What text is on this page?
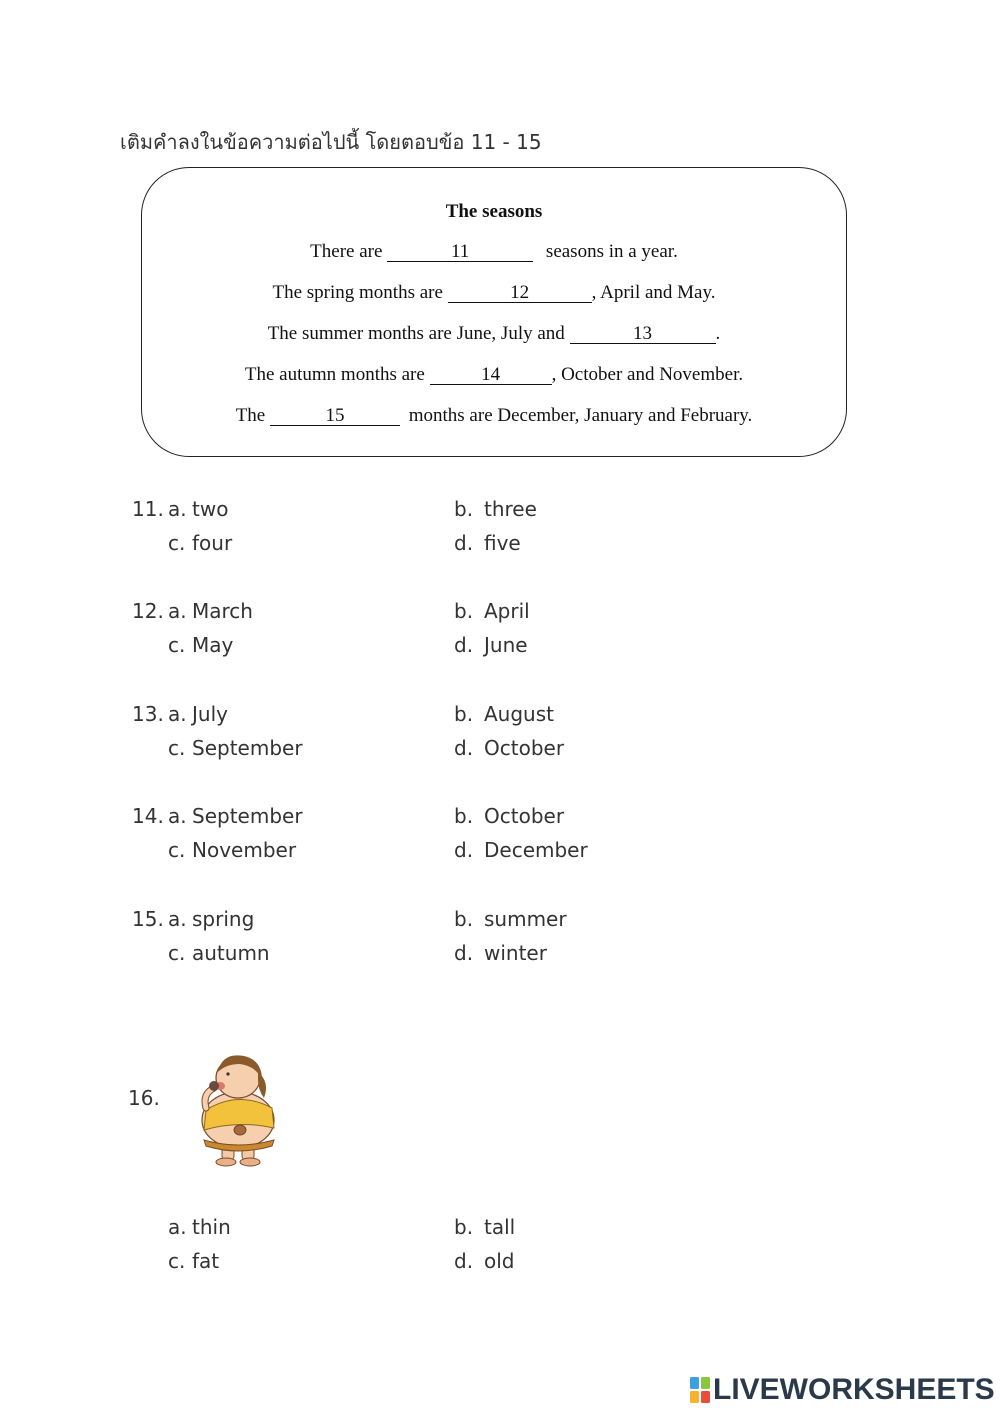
เติมคำลงในข้อความต่อไปนี้ โดยตอบข้อ 11 - 15
The seasons
There are	11	seasons in a year.
The spring months are	12	, April and May.
The summer months are June, July and	13	.
The autumn months are	14	, October and November.
The	15	months are December, January and February.
11. a. two	b. three
c. four	d. five
12. a. March	b. April
c. May	d. June
13. a. July	b. August
c. September	d. October
14. a. September	b. October
c. November	d. December
15. a. spring	b. summer
c. autumn	d. winter
16.
a. thin	b. tall
c. fat	d. old
LIVEWORKSHEETS
